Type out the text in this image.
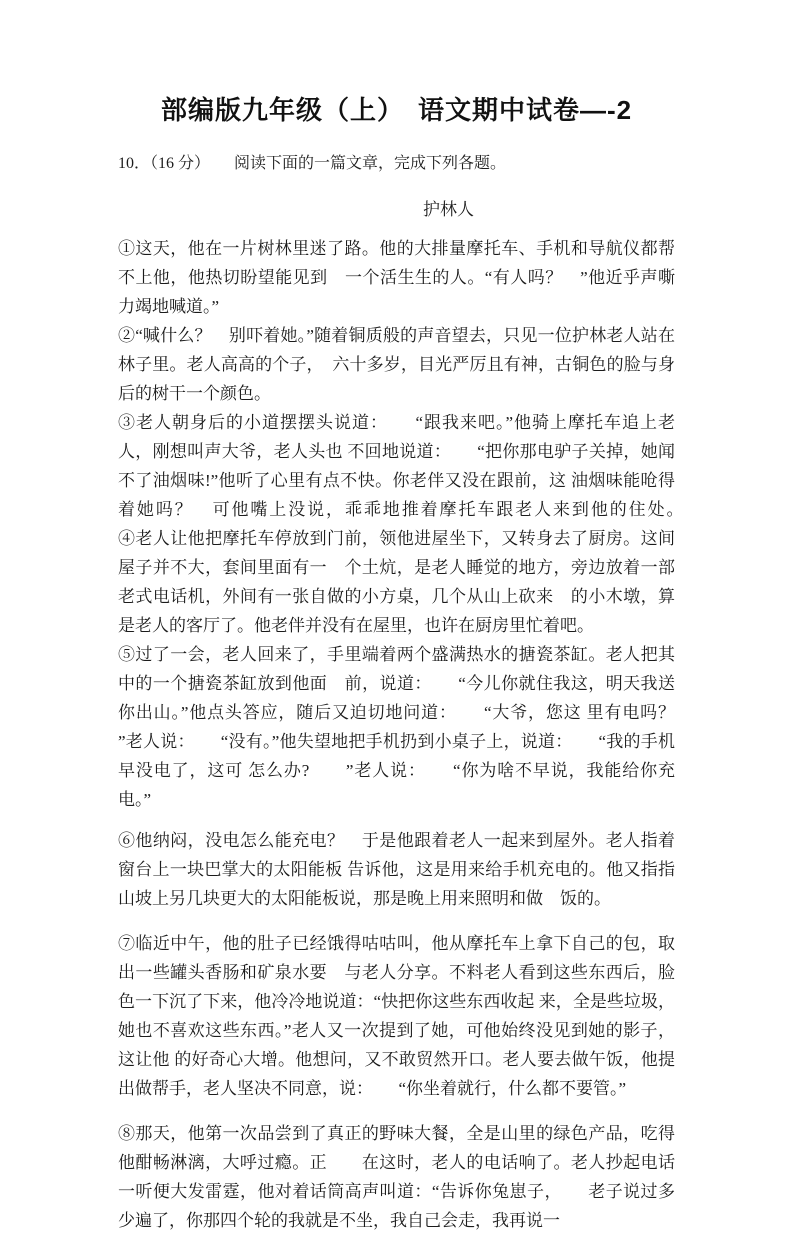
部编版九年级（上）　语文期中试卷—-2

10．（16 分）　　阅读下面的一篇文章，完成下列各题。

护林人

①这天，他在一片树林里迷了路。他的大排量摩托车、手机和导航仪都帮不上他，他热切盼望能见到　一个活生生的人。“有人吗？　”他近乎声嘶力竭地喊道。”

②“喊什么？　别吓着她。”随着铜质般的声音望去，只见一位护林老人站在林子里。老人高高的个子，　六十多岁，目光严厉且有神，古铜色的脸与身后的树干一个颜色。

③老人朝身后的小道摆摆头说道：　　“跟我来吧。”他骑上摩托车追上老人，刚想叫声大爷，老人头也 不回地说道：　　“把你那电驴子关掉，她闻不了油烟味!”他听了心里有点不快。你老伴又没在跟前，这 油烟味能呛得着她吗？　可他嘴上没说，乖乖地推着摩托车跟老人来到他的住处。　　　　　④老人让他把摩托车停放到门前，领他进屋坐下，又转身去了厨房。这间屋子并不大，套间里面有一　个土炕，是老人睡觉的地方，旁边放着一部老式电话机，外间有一张自做的小方桌，几个从山上砍来　的小木墩，算是老人的客厅了。他老伴并没有在屋里，也许在厨房里忙着吧。

⑤过了一会，老人回来了，手里端着两个盛满热水的搪瓷茶缸。老人把其中的一个搪瓷茶缸放到他面　前，说道：　　“今儿你就住我这，明天我送你出山。”他点头答应，随后又迫切地问道：　　“大爷，您这 里有电吗？　”老人说：　　“没有。”他失望地把手机扔到小桌子上，说道：　　“我的手机早没电了，这可 怎么办?　　”老人说：　　“你为啥不早说，我能给你充电。”

⑥他纳闷，没电怎么能充电？　于是他跟着老人一起来到屋外。老人指着窗台上一块巴掌大的太阳能板 告诉他，这是用来给手机充电的。他又指指山坡上另几块更大的太阳能板说，那是晚上用来照明和做　饭的。

⑦临近中午，他的肚子已经饿得咕咕叫，他从摩托车上拿下自己的包，取出一些罐头香肠和矿泉水要　与老人分享。不料老人看到这些东西后，脸色一下沉了下来，他冷冷地说道：“快把你这些东西收起 来，全是些垃圾，她也不喜欢这些东西。”老人又一次提到了她，可他始终没见到她的影子，这让他 的好奇心大增。他想问，又不敢贸然开口。老人要去做午饭，他提出做帮手，老人坚决不同意，说：　　“你坐着就行，什么都不要管。”

⑧那天，他第一次品尝到了真正的野味大餐，全是山里的绿色产品，吃得他酣畅淋漓，大呼过瘾。正　　在这时，老人的电话响了。老人抄起电话一听便大发雷霆，他对着话筒高声叫道：“告诉你兔崽子，　　老子说过多少遍了，你那四个轮的我就是不坐，我自己会走，我再说一
